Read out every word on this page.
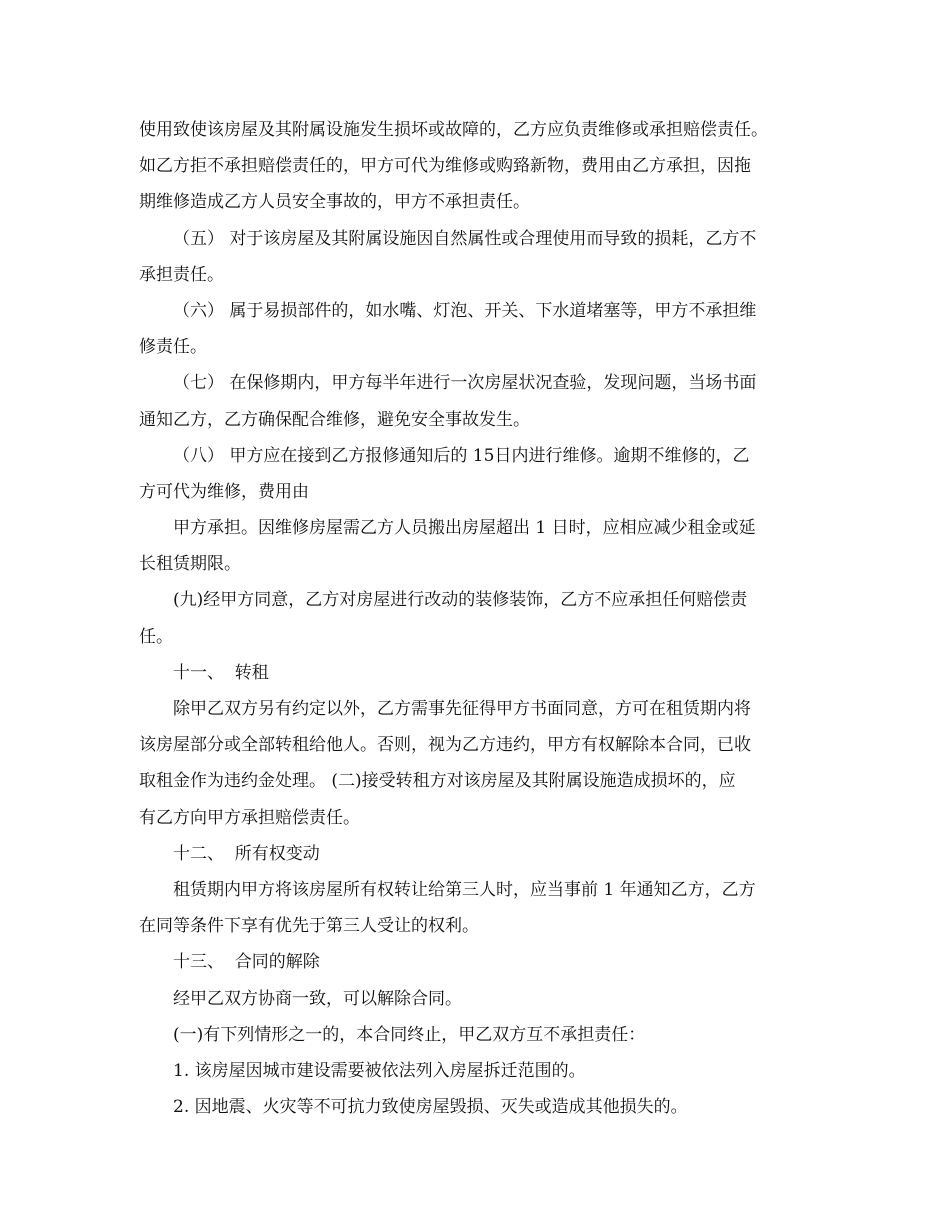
使用致使该房屋及其附属设施发生损坏或故障的，乙方应负责维修或承担赔偿责任。
如乙方拒不承担赔偿责任的，甲方可代为维修或购臵新物，费用由乙方承担，因拖
期维修造成乙方人员安全事故的，甲方不承担责任。
（五） 对于该房屋及其附属设施因自然属性或合理使用而导致的损耗，乙方不
承担责任。
（六） 属于易损部件的，如水嘴、灯泡、开关、下水道堵塞等，甲方不承担维
修责任。
（七） 在保修期内，甲方每半年进行一次房屋状况查验，发现问题，当场书面
通知乙方，乙方确保配合维修，避免安全事故发生。
（八） 甲方应在接到乙方报修通知后的 15日内进行维修。逾期不维修的，乙
方可代为维修，费用由
甲方承担。因维修房屋需乙方人员搬出房屋超出 1 日时，应相应减少租金或延
长租赁期限。
(九)经甲方同意，乙方对房屋进行改动的装修装饰，乙方不应承担任何赔偿责
任。
十一、  转租
除甲乙双方另有约定以外，乙方需事先征得甲方书面同意，方可在租赁期内将
该房屋部分或全部转租给他人。否则，视为乙方违约，甲方有权解除本合同，已收
取租金作为违约金处理。 (二)接受转租方对该房屋及其附属设施造成损坏的，应
有乙方向甲方承担赔偿责任。
十二、  所有权变动
租赁期内甲方将该房屋所有权转让给第三人时，应当事前 1 年通知乙方，乙方
在同等条件下享有优先于第三人受让的权利。
十三、  合同的解除
经甲乙双方协商一致，可以解除合同。
(一)有下列情形之一的，本合同终止，甲乙双方互不承担责任：
1. 该房屋因城市建设需要被依法列入房屋拆迁范围的。
2. 因地震、火灾等不可抗力致使房屋毁损、灭失或造成其他损失的。
